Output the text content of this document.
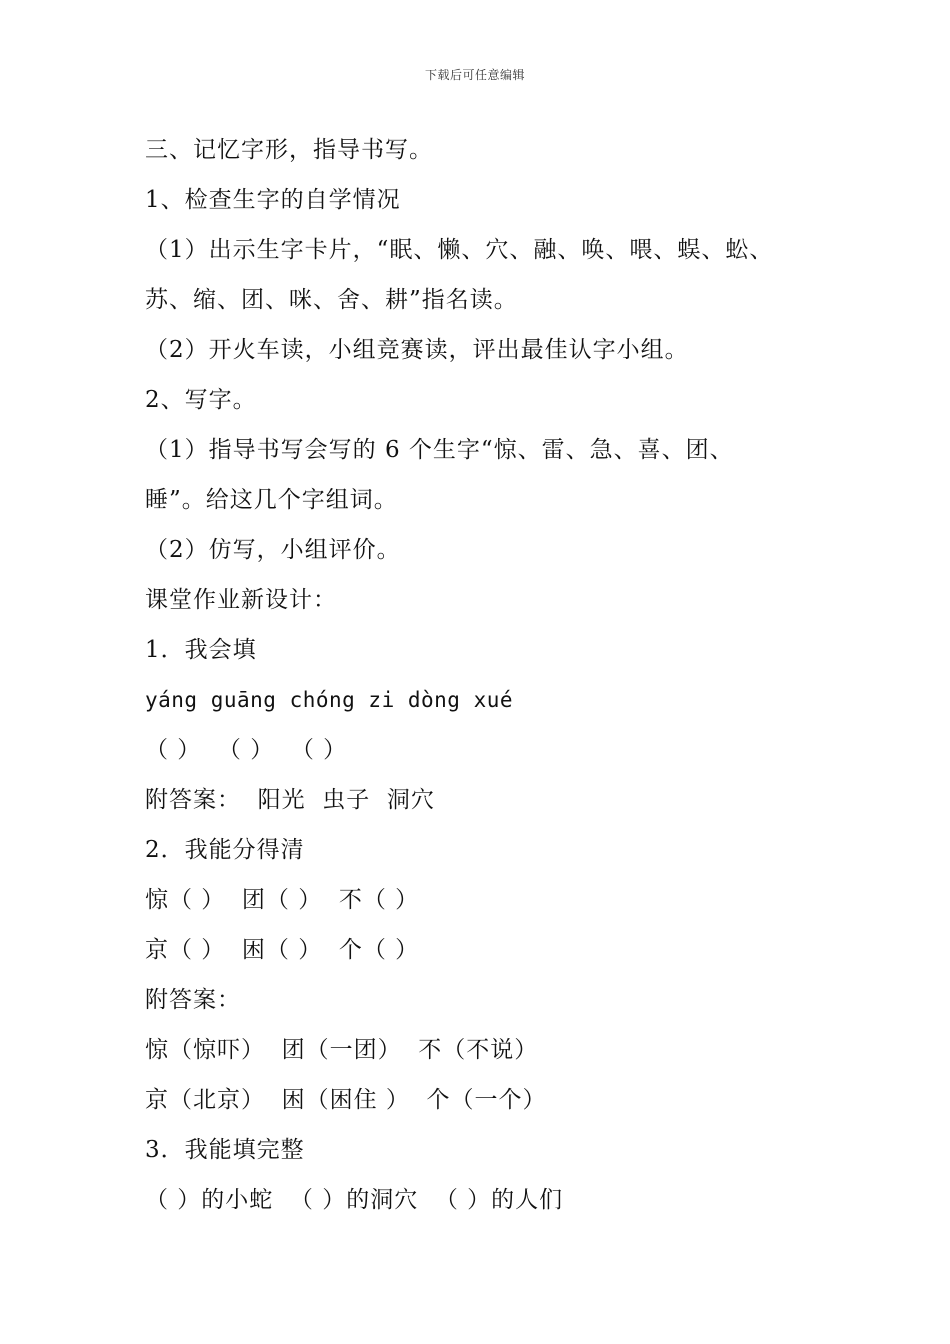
下载后可任意编辑
三、记忆字形，指导书写。
1、检查生字的自学情况
（1）出示生字卡片，“眠、懒、穴、融、唤、喂、蜈、蚣、
苏、缩、团、咪、舍、耕”指名读。
（2）开火车读，小组竞赛读，评出最佳认字小组。
2、写字。
（1）指导书写会写的 6 个生字“惊、雷、急、喜、团、
睡”。给这几个字组词。
（2）仿写，小组评价。
课堂作业新设计：
1．我会填
yáng guāng chóng zi dòng xué
（ ）  （ ）  （ ）
附答案：  阳光  虫子  洞穴
2．我能分得清
惊（ ）  团（ ）  不（ ）
京（ ）  困（ ）  个（ ）
附答案：
惊（惊吓）  团（一团）  不（不说）
京（北京）  困（困住 ）  个（一个）
3．我能填完整
（ ）的小蛇  （ ）的洞穴  （ ）的人们
